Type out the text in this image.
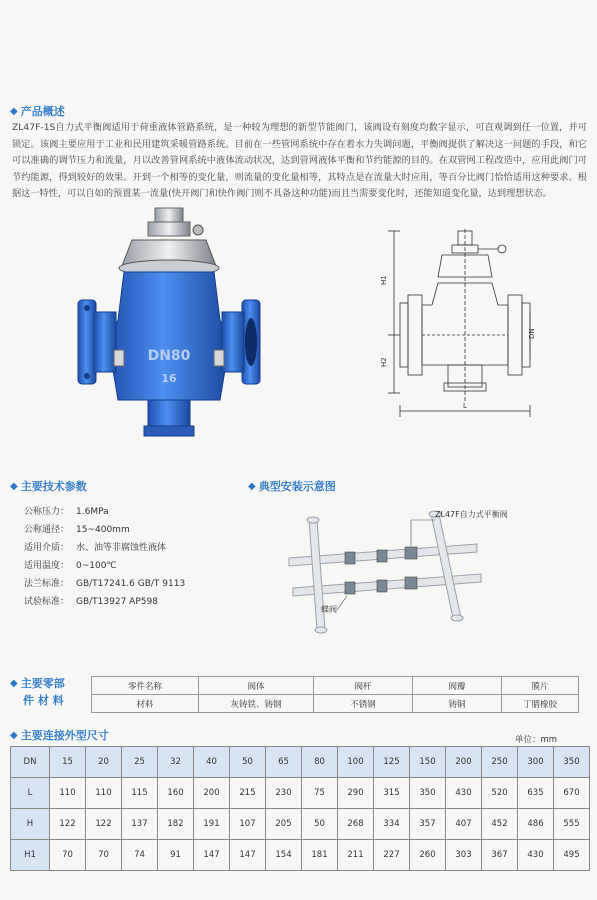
◆ 产品概述
ZL47F-1S自力式平衡阀适用于荷重液体管路系统，是一种较为理想的新型节能阀门，该阀设有刻度均数字显示，可直观调到任一位置，并可锁定。该阀主要应用于工业和民用建筑采暖管路系统。目前在一些管网系统中存在着水力失调问题，平衡阀提供了解决这一问题的手段，和它可以准确的调节压力和流量，月以改善管网系统中液体流动状况，达到管网液体平衡和节约能源的目的。在双管网工程改造中，应用此阀门可节约能源，得到较好的效果。开到一个相等的变化量，则流量的变化量相等，其特点是在流量大时应用，等百分比阀门恰恰适用这种要求。根据这一特性，可以自如的预置某一流量(快开阀门和快作阀门则不具备这种功能)而且当需要变化时，还能知道变化量，达到理想状态。
DN80
16
H1
H2
DN
L
◆ 主要技术参数
公称压力： 1.6MPa
公称通径： 15~400mm
适用介质： 水、油等非腐蚀性液体
适用温度： 0~100℃
法兰标准： GB/T17241.6 GB/T 9113
试验标准： GB/T13927 AP598
◆ 典型安装示意图
ZL47F自力式平衡阀
蝶阀
◆ 主要零部
件 材 料
零件名称	阀体	阀杆	阀瓣	膜片
材料	灰铸铁、铸钢	不锈钢	铸铜	丁腈橡胶
◆ 主要连接外型尺寸	单位：mm
DN	15	20	25	32	40	50	65	80	100	125	150	200	250	300	350
L	110	110	115	160	200	215	230	75	290	315	350	430	520	635	670
H	122	122	137	182	191	107	205	50	268	334	357	407	452	486	555
H1	70	70	74	91	147	147	154	181	211	227	260	303	367	430	495
